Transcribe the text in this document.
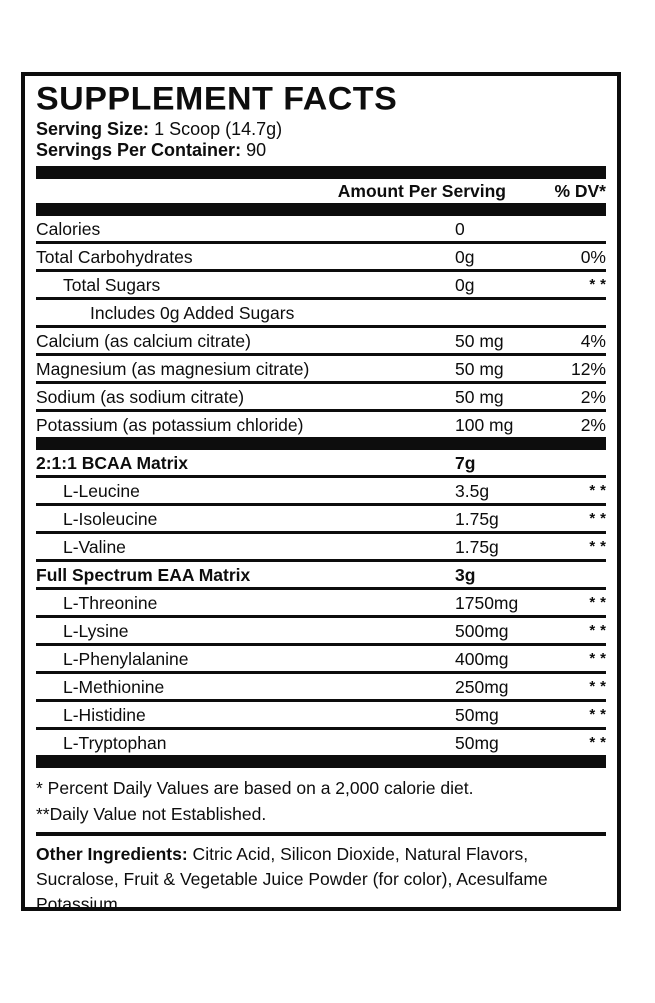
SUPPLEMENT FACTS
Serving Size: 1 Scoop (14.7g)
Servings Per Container: 90
Amount Per Serving	% DV*
Calories	0
Total Carbohydrates	0g	0%
Total Sugars	0g	**
Includes 0g Added Sugars
Calcium (as calcium citrate)	50 mg	4%
Magnesium (as magnesium citrate)	50 mg	12%
Sodium (as sodium citrate)	50 mg	2%
Potassium (as potassium chloride)	100 mg	2%
2:1:1 BCAA Matrix	7g
L-Leucine	3.5g	**
L-Isoleucine	1.75g	**
L-Valine	1.75g	**
Full Spectrum EAA Matrix	3g
L-Threonine	1750mg	**
L-Lysine	500mg	**
L-Phenylalanine	400mg	**
L-Methionine	250mg	**
L-Histidine	50mg	**
L-Tryptophan	50mg	**
* Percent Daily Values are based on a 2,000 calorie diet.
**Daily Value not Established.
Other Ingredients: Citric Acid, Silicon Dioxide, Natural Flavors, Sucralose, Fruit & Vegetable Juice Powder (for color), Acesulfame Potassium
